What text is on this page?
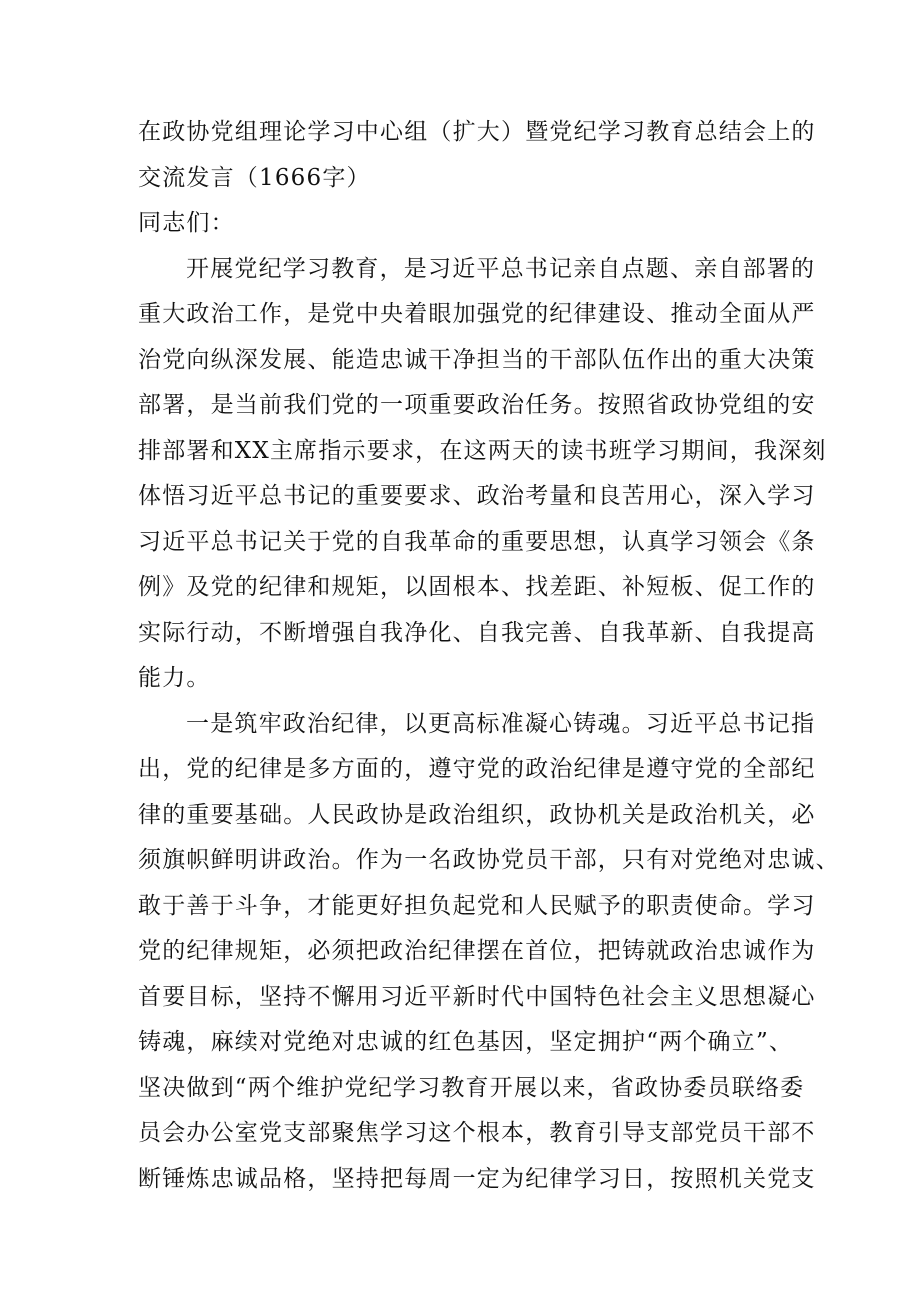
在政协党组理论学习中心组（扩大）暨党纪学习教育总结会上的
交流发言（1666字）
同志们：
开展党纪学习教育，是习近平总书记亲自点题、亲自部署的
重大政治工作，是党中央着眼加强党的纪律建设、推动全面从严
治党向纵深发展、能造忠诚干净担当的干部队伍作出的重大决策
部署，是当前我们党的一项重要政治任务。按照省政协党组的安
排部署和XX主席指示要求，在这两天的读书班学习期间，我深刻
体悟习近平总书记的重要要求、政治考量和良苦用心，深入学习
习近平总书记关于党的自我革命的重要思想，认真学习领会《条
例》及党的纪律和规矩，以固根本、找差距、补短板、促工作的
实际行动，不断增强自我净化、自我完善、自我革新、自我提高
能力。
一是筑牢政治纪律，以更高标准凝心铸魂。习近平总书记指
出，党的纪律是多方面的，遵守党的政治纪律是遵守党的全部纪
律的重要基础。人民政协是政治组织，政协机关是政治机关，必
须旗帜鲜明讲政治。作为一名政协党员干部，只有对党绝对忠诚、
敢于善于斗争，才能更好担负起党和人民赋予的职责使命。学习
党的纪律规矩，必须把政治纪律摆在首位，把铸就政治忠诚作为
首要目标，坚持不懈用习近平新时代中国特色社会主义思想凝心
铸魂，麻续对党绝对忠诚的红色基因，坚定拥护“两个确立”、
坚决做到“两个维护党纪学习教育开展以来，省政协委员联络委
员会办公室党支部聚焦学习这个根本，教育引导支部党员干部不
断锤炼忠诚品格，坚持把每周一定为纪律学习日，按照机关党支
